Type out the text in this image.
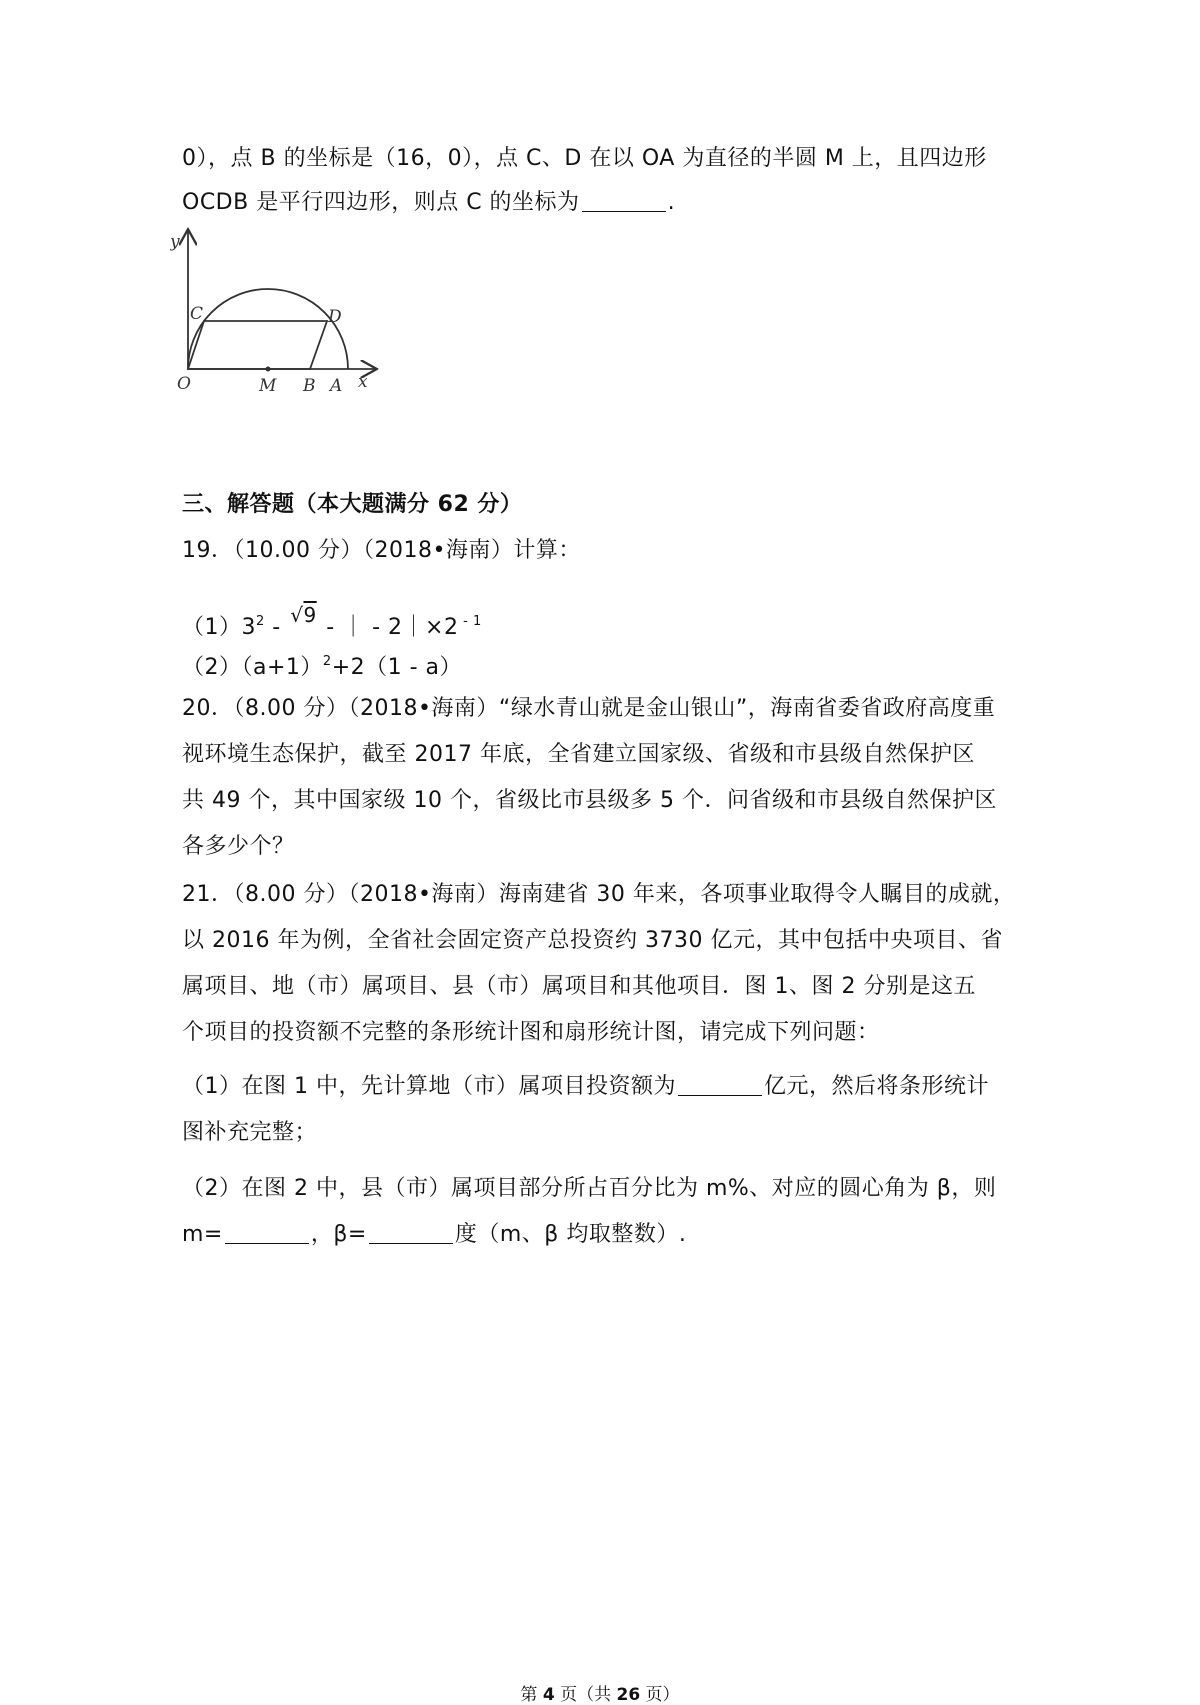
0），点 B 的坐标是（16，0），点 C、D 在以 OA 为直径的半圆 M 上，且四边形
OCDB 是平行四边形，则点 C 的坐标为	.
y
C	D
O	M B A x
三、解答题（本大题满分 62 分）
19．（10.00 分）（2018•海南）计算：
$(1)3^2 - √9$ - ｜ - 2｜×2 $^{- 1}$
$(2)(a+1)^2+2(1 - a)$
20．（8.00 分）（2018•海南）“绿水青山就是金山银山”，海南省委省政府高度重
视环境生态保护，截至 2017 年底，全省建立国家级、省级和市县级自然保护区
共 49 个，其中国家级 10 个，省级比市县级多 5 个．问省级和市县级自然保护区
各多少个？
21．（8.00 分）（2018•海南）海南建省 30 年来，各项事业取得令人瞩目的成就，
以 2016 年为例，全省社会固定资产总投资约 3730 亿元，其中包括中央项目、省
属项目、地（市）属项目、县（市）属项目和其他项目．图 1、图 2 分别是这五
个项目的投资额不完整的条形统计图和扇形统计图，请完成下列问题：
（1）在图 1 中，先计算地（市）属项目投资额为	亿元，然后将条形统计
图补充完整；
（2）在图 2 中，县（市）属项目部分所占百分比为 m%、对应的圆心角为 β，则
m=	，β=	度（m、β 均取整数）.
第 4 页（共 26 页）
